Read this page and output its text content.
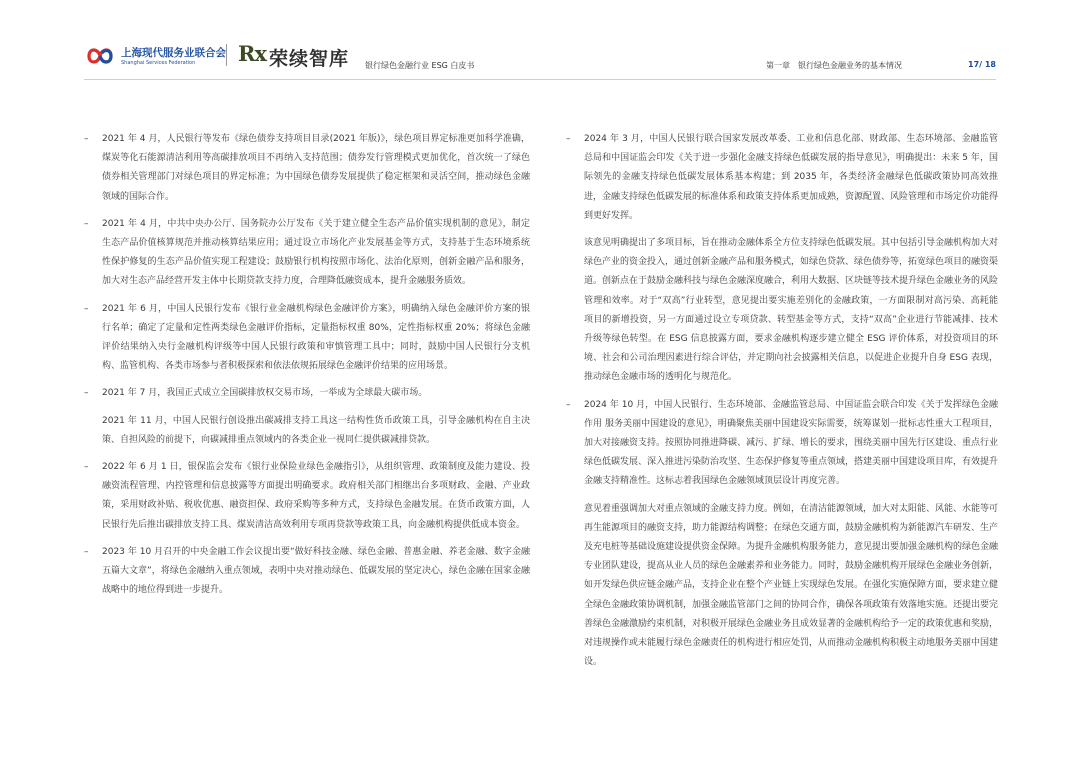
上海现代服务业联合会
Shanghai Services Federation Rx 荣续智库 银行绿色金融行业 ESG 白皮书	第一章　银行绿色金融业务的基本情况	17/ 18

– 2021 年 4 月，人民银行等发布《绿色债券支持项目目录(2021 年版)》，绿色项目界定标准更加科学准确，煤炭等化石能源清洁利用等高碳排放项目不再纳入支持范围；债券发行管理模式更加优化，首次统一了绿色债券相关管理部门对绿色项目的界定标准；为中国绿色债券发展提供了稳定框架和灵活空间，推动绿色金融领域的国际合作。

– 2021 年 4 月，中共中央办公厅、国务院办公厅发布《关于建立健全生态产品价值实现机制的意见》，制定生态产品价值核算规范并推动核算结果应用；通过设立市场化产业发展基金等方式，支持基于生态环境系统性保护修复的生态产品价值实现工程建设；鼓励银行机构按照市场化、法治化原则，创新金融产品和服务，加大对生态产品经营开发主体中长期贷款支持力度，合理降低融资成本，提升金融服务质效。

– 2021 年 6 月，中国人民银行发布《银行业金融机构绿色金融评价方案》，明确纳入绿色金融评价方案的银行名单；确定了定量和定性两类绿色金融评价指标，定量指标权重 80%，定性指标权重 20%；将绿色金融评价结果纳入央行金融机构评级等中国人民银行政策和审慎管理工具中；同时，鼓励中国人民银行分支机构、监管机构、各类市场参与者积极探索和依法依规拓展绿色金融评价结果的应用场景。

– 2021 年 7 月，我国正式成立全国碳排放权交易市场，一举成为全球最大碳市场。

2021 年 11 月，中国人民银行创设推出碳减排支持工具这一结构性货币政策工具，引导金融机构在自主决策、自担风险的前提下，向碳减排重点领域内的各类企业一视同仁提供碳减排贷款。

– 2022 年 6 月 1 日，银保监会发布《银行业保险业绿色金融指引》，从组织管理、政策制度及能力建设、投融资流程管理、内控管理和信息披露等方面提出明确要求。政府相关部门相继出台多项财政、金融、产业政策，采用财政补贴、税收优惠、融资担保、政府采购等多种方式，支持绿色金融发展。在货币政策方面，人民银行先后推出碳排放支持工具、煤炭清洁高效利用专项再贷款等政策工具，向金融机构提供低成本资金。

– 2023 年 10 月召开的中央金融工作会议提出要“做好科技金融、绿色金融、普惠金融、养老金融、数字金融五篇大文章”，将绿色金融纳入重点领域，表明中央对推动绿色、低碳发展的坚定决心，绿色金融在国家金融战略中的地位得到进一步提升。

– 2024 年 3 月，中国人民银行联合国家发展改革委、工业和信息化部、财政部、生态环境部、金融监管总局和中国证监会印发《关于进一步强化金融支持绿色低碳发展的指导意见》，明确提出：未来 5 年，国际领先的金融支持绿色低碳发展体系基本构建；到 2035 年，各类经济金融绿色低碳政策协同高效推进，金融支持绿色低碳发展的标准体系和政策支持体系更加成熟，资源配置、风险管理和市场定价功能得到更好发挥。

该意见明确提出了多项目标，旨在推动金融体系全方位支持绿色低碳发展。其中包括引导金融机构加大对绿色产业的资金投入，通过创新金融产品和服务模式，如绿色贷款、绿色债券等，拓宽绿色项目的融资渠道。创新点在于鼓励金融科技与绿色金融深度融合，利用大数据、区块链等技术提升绿色金融业务的风险管理和效率。对于“双高”行业转型，意见提出要实施差别化的金融政策，一方面限制对高污染、高耗能项目的新增投资，另一方面通过设立专项贷款、转型基金等方式，支持“双高”企业进行节能减排、技术升级等绿色转型。在 ESG 信息披露方面，要求金融机构逐步建立健全 ESG 评价体系，对投资项目的环境、社会和公司治理因素进行综合评估，并定期向社会披露相关信息，以促进企业提升自身 ESG 表现，推动绿色金融市场的透明化与规范化。

– 2024 年 10 月，中国人民银行、生态环境部、金融监管总局、中国证监会联合印发《关于发挥绿色金融作用 服务美丽中国建设的意见》，明确聚焦美丽中国建设实际需要，统筹谋划一批标志性重大工程项目，加大对接融资支持。按照协同推进降碳、减污、扩绿、增长的要求，围绕美丽中国先行区建设、重点行业绿色低碳发展、深入推进污染防治攻坚、生态保护修复等重点领域，搭建美丽中国建设项目库，有效提升金融支持精准性。这标志着我国绿色金融领域顶层设计再度完善。

意见着重强调加大对重点领域的金融支持力度。例如，在清洁能源领域，加大对太阳能、风能、水能等可再生能源项目的融资支持，助力能源结构调整；在绿色交通方面，鼓励金融机构为新能源汽车研发、生产及充电桩等基础设施建设提供资金保障。为提升金融机构服务能力，意见提出要加强金融机构的绿色金融专业团队建设，提高从业人员的绿色金融素养和业务能力。同时，鼓励金融机构开展绿色金融业务创新，如开发绿色供应链金融产品，支持企业在整个产业链上实现绿色发展。在强化实施保障方面，要求建立健全绿色金融政策协调机制，加强金融监管部门之间的协同合作，确保各项政策有效落地实施。还提出要完善绿色金融激励约束机制，对积极开展绿色金融业务且成效显著的金融机构给予一定的政策优惠和奖励，对违规操作或未能履行绿色金融责任的机构进行相应处罚，从而推动金融机构积极主动地服务美丽中国建设。
